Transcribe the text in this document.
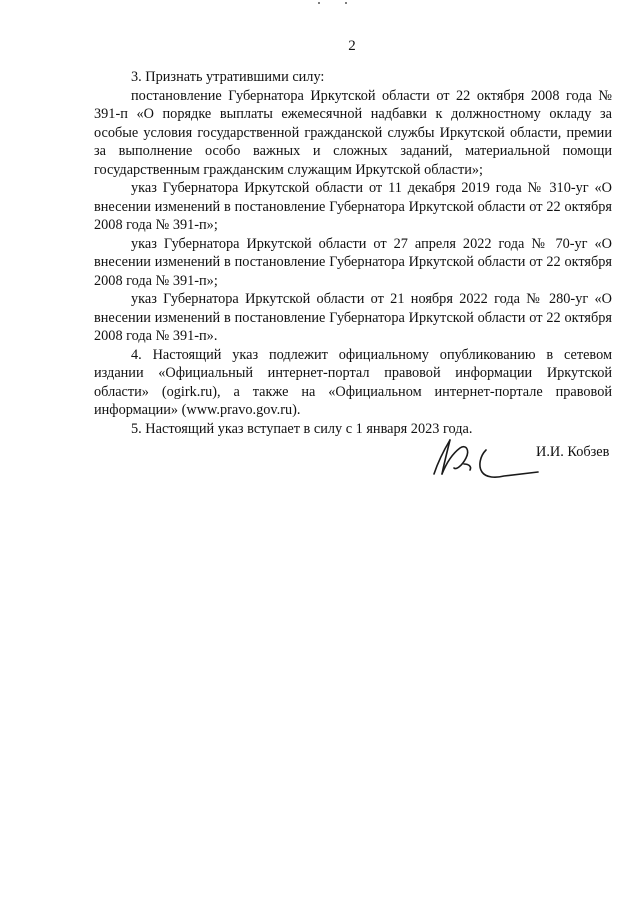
2

3. Признать утратившими силу:

постановление Губернатора Иркутской области от 22 октября 2008 года № 391-п «О порядке выплаты ежемесячной надбавки к должностному окладу за особые условия государственной гражданской службы Иркутской области, премии за выполнение особо важных и сложных заданий, материальной помощи государственным гражданским служащим Иркутской области»;

указ Губернатора Иркутской области от 11 декабря 2019 года № 310-уг «О внесении изменений в постановление Губернатора Иркутской области от 22 октября 2008 года № 391-п»;

указ Губернатора Иркутской области от 27 апреля 2022 года № 70-уг «О внесении изменений в постановление Губернатора Иркутской области от 22 октября 2008 года № 391-п»;

указ Губернатора Иркутской области от 21 ноября 2022 года № 280-уг «О внесении изменений в постановление Губернатора Иркутской области от 22 октября 2008 года № 391-п».

4. Настоящий указ подлежит официальному опубликованию в сетевом издании «Официальный интернет-портал правовой информации Иркутской области» (ogirk.ru), а также на «Официальном интернет-портале правовой информации» (www.pravo.gov.ru).

5. Настоящий указ вступает в силу с 1 января 2023 года.

И.И. Кобзев
